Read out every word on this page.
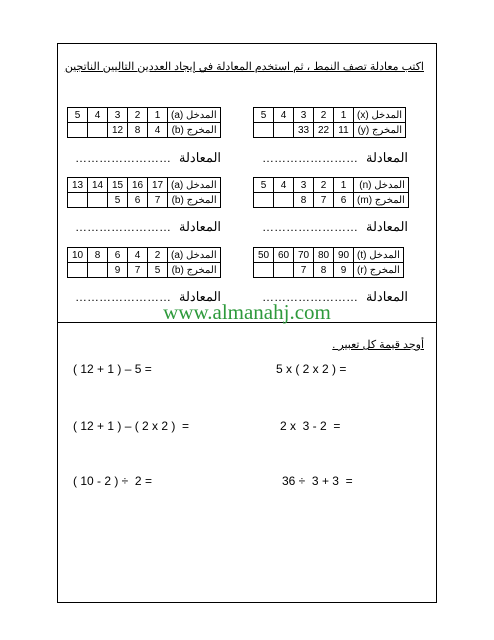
اكتب معادلة تصف النمط ، ثم استخدم المعادلة في إيجاد العددين التاليين الناتجين
المدخل (x)	1	2	3	4	5
المخرج (y)	11	22	33		
المدخل (a)	1	2	3	4	5
المخرج (b)	4	8	12		
…………………… المعادلة
…………………… المعادلة
المدخل (n)	1	2	3	4	5
المخرج (m)	6	7	8		
المدخل (a)	17	16	15	14	13
المخرج (b)	7	6	5		
…………………… المعادلة
…………………… المعادلة
المدخل (t)	90	80	70	60	50
المخرج (r)	9	8	7		
المدخل (a)	2	4	6	8	10
المخرج (b)	5	7	9		
…………………… المعادلة
…………………… المعادلة
www.almanahj.com
أوجد قيمة كل تعبير .
5 x ( 2 x 2 ) =
( 12 + 1 ) – 5 =
2 x  3 - 2  =
( 12 + 1 ) – ( 2 x 2 )  =
36 ÷  3 + 3  =
( 10 - 2 ) ÷  2 =
